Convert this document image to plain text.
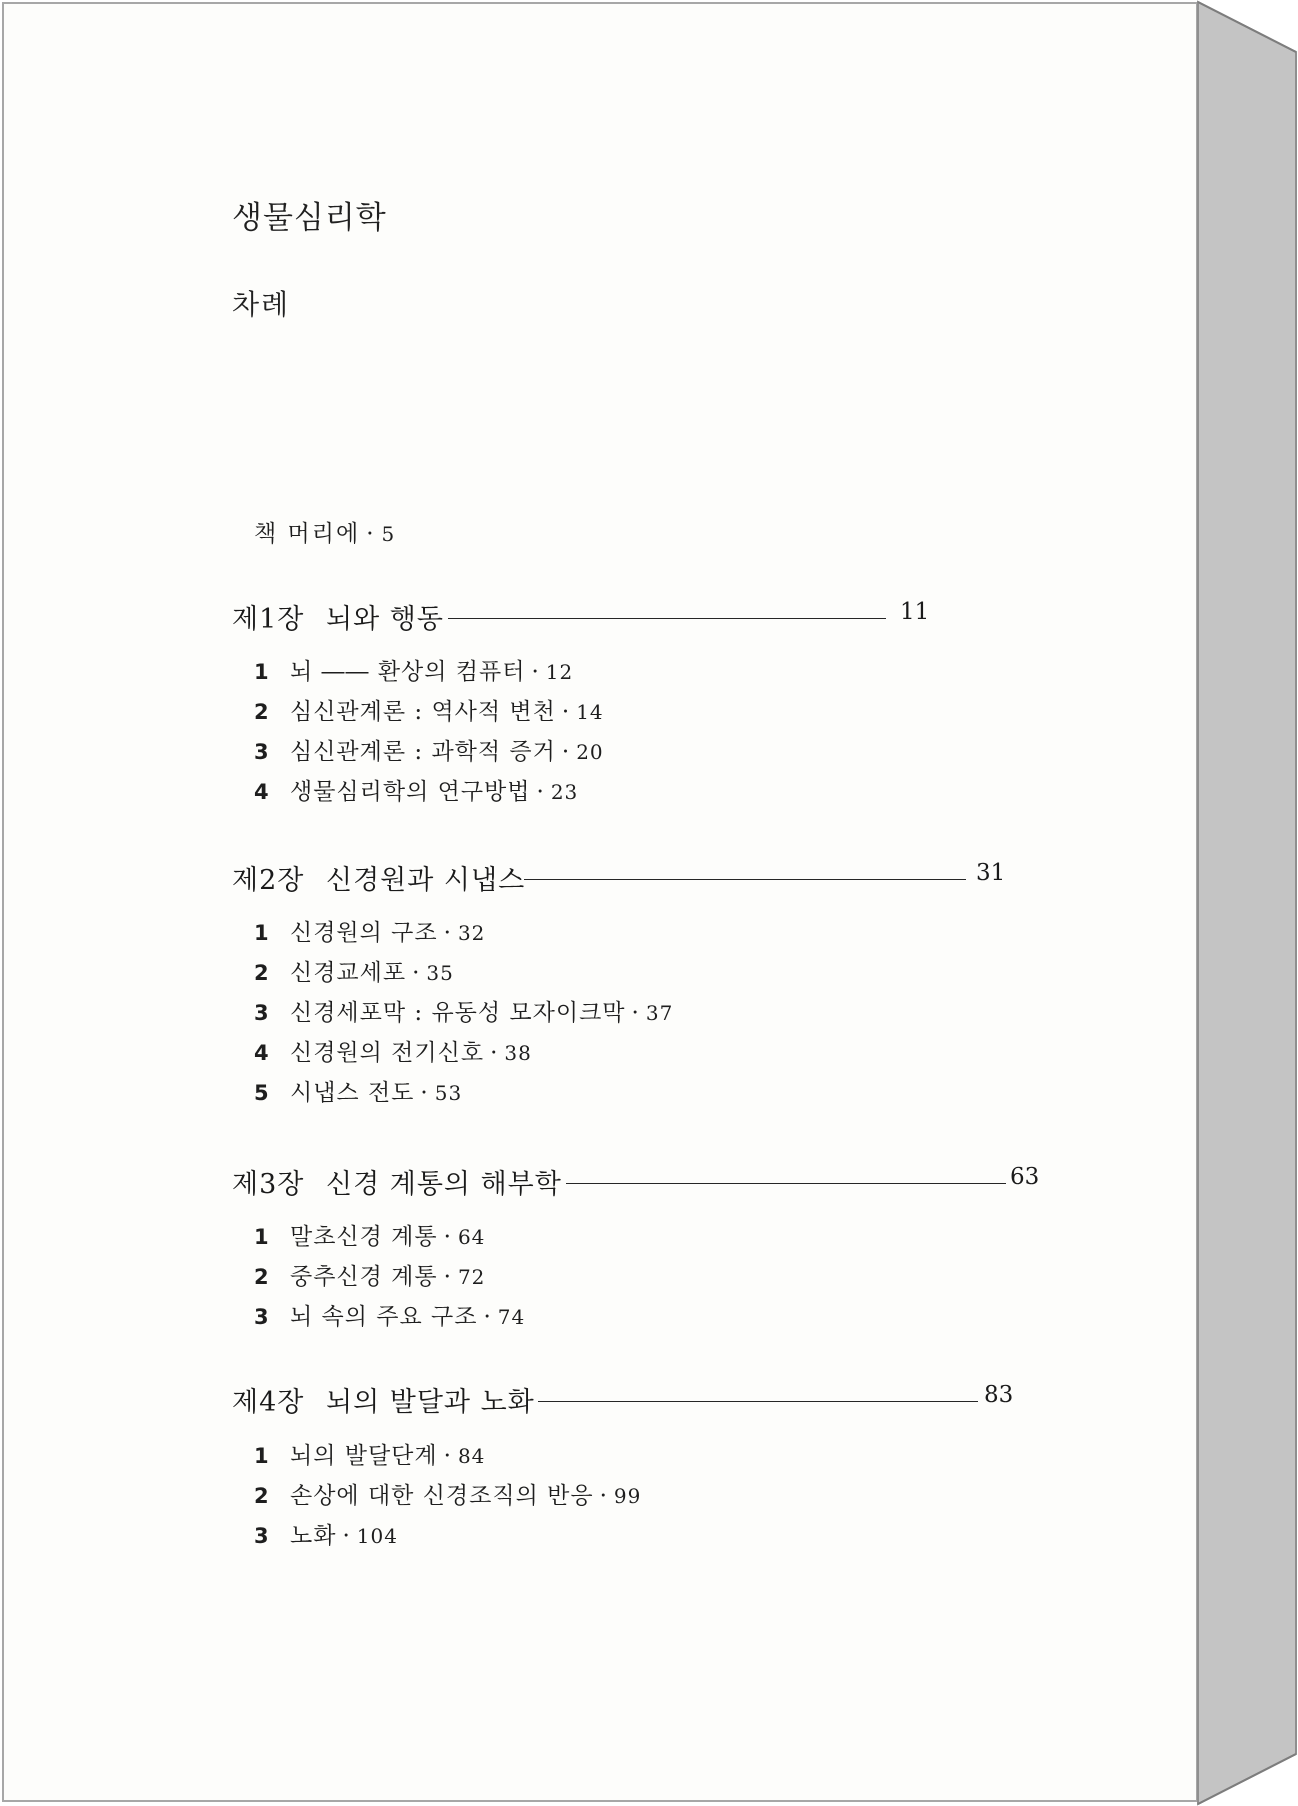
생물심리학
차례
책 머리에 · 5
제1장 뇌와 행동	11
1 뇌 ―― 환상의 컴퓨터 · 12
2 심신관계론 : 역사적 변천 · 14
3 심신관계론 : 과학적 증거 · 20
4 생물심리학의 연구방법 · 23
제2장 신경원과 시냅스	31
1 신경원의 구조 · 32
2 신경교세포 · 35
3 신경세포막 : 유동성 모자이크막 · 37
4 신경원의 전기신호 · 38
5 시냅스 전도 · 53
제3장 신경 계통의 해부학	63
1 말초신경 계통 · 64
2 중추신경 계통 · 72
3 뇌 속의 주요 구조 · 74
제4장 뇌의 발달과 노화	83
1 뇌의 발달단계 · 84
2 손상에 대한 신경조직의 반응 · 99
3 노화 · 104
